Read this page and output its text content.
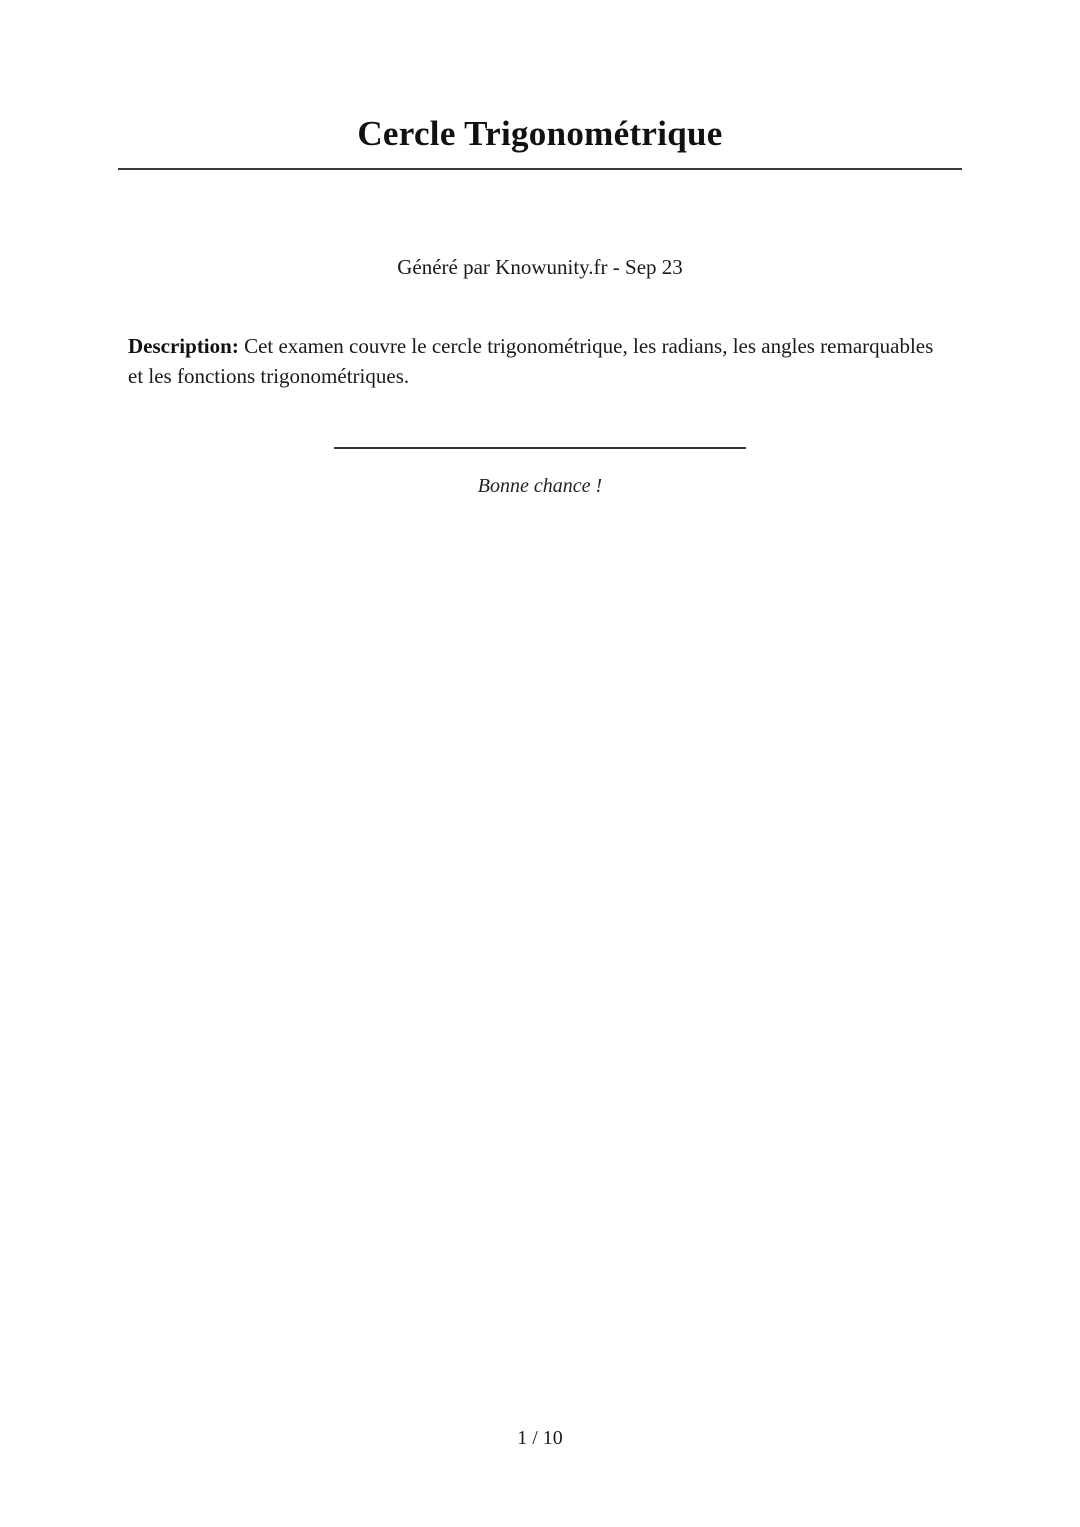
Cercle Trigonométrique
Généré par Knowunity.fr - Sep 23

Description: Cet examen couvre le cercle trigonométrique, les radians, les angles remarquables et les fonctions trigonométriques.

Bonne chance !
1 / 10
